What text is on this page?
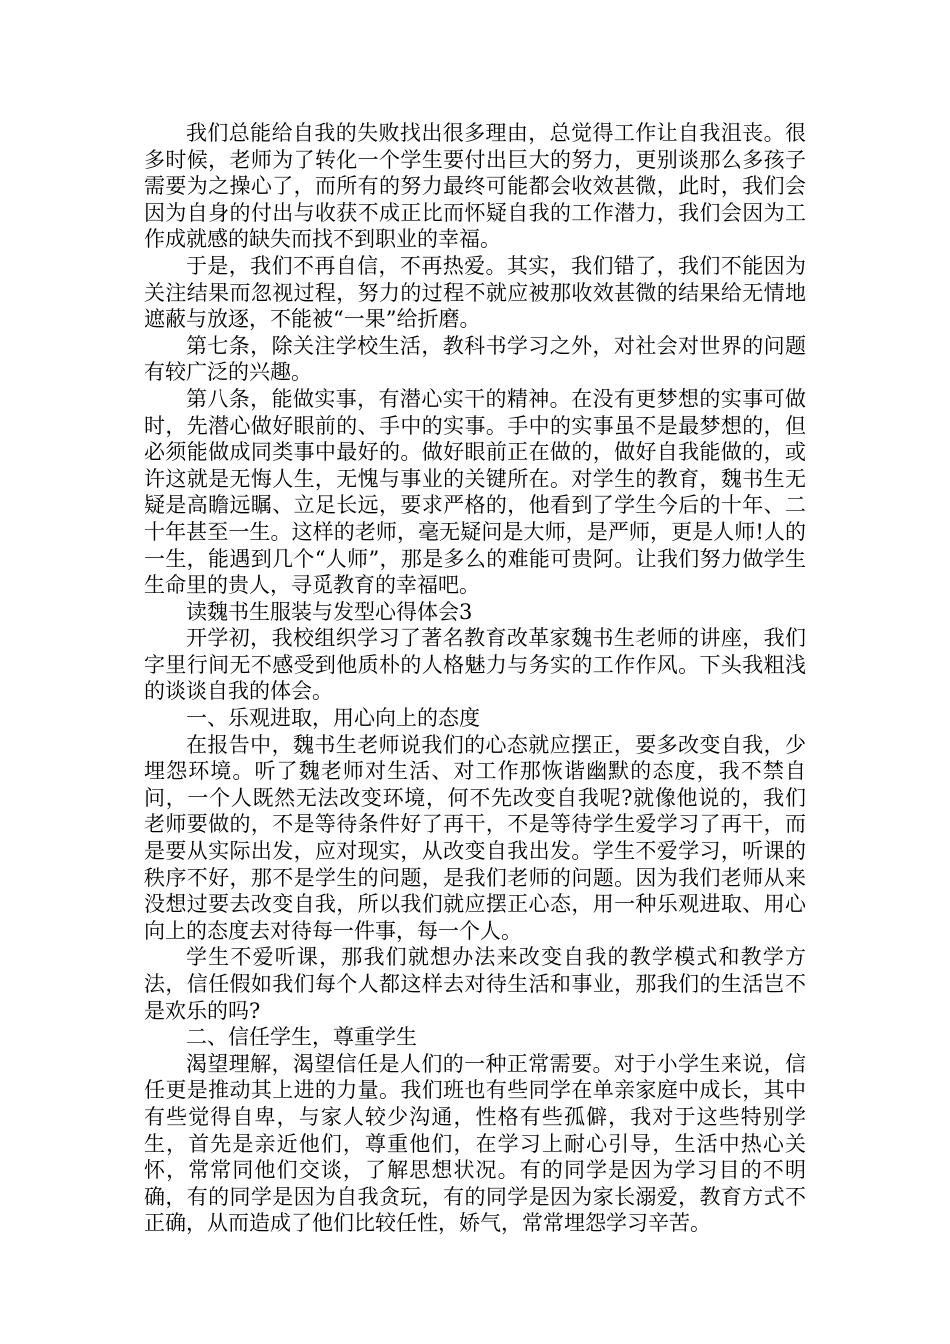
我们总能给自我的失败找出很多理由，总觉得工作让自我沮丧。很多时候，老师为了转化一个学生要付出巨大的努力，更别谈那么多孩子需要为之操心了，而所有的努力最终可能都会收效甚微，此时，我们会因为自身的付出与收获不成正比而怀疑自我的工作潜力，我们会因为工作成就感的缺失而找不到职业的幸福。

于是，我们不再自信，不再热爱。其实，我们错了，我们不能因为关注结果而忽视过程，努力的过程不就应被那收效甚微的结果给无情地遮蔽与放逐，不能被“一果”给折磨。

第七条，除关注学校生活，教科书学习之外，对社会对世界的问题有较广泛的兴趣。

第八条，能做实事，有潜心实干的精神。在没有更梦想的实事可做时，先潜心做好眼前的、手中的实事。手中的实事虽不是最梦想的，但必须能做成同类事中最好的。做好眼前正在做的，做好自我能做的，或许这就是无悔人生，无愧与事业的关键所在。对学生的教育，魏书生无疑是高瞻远瞩、立足长远，要求严格的，他看到了学生今后的十年、二十年甚至一生。这样的老师，毫无疑问是大师，是严师，更是人师!人的一生，能遇到几个“人师”，那是多么的难能可贵阿。让我们努力做学生生命里的贵人，寻觅教育的幸福吧。

读魏书生服装与发型心得体会3

开学初，我校组织学习了著名教育改革家魏书生老师的讲座，我们字里行间无不感受到他质朴的人格魅力与务实的工作作风。下头我粗浅的谈谈自我的体会。

一、乐观进取，用心向上的态度

在报告中，魏书生老师说我们的心态就应摆正，要多改变自我，少埋怨环境。听了魏老师对生活、对工作那恢谐幽默的态度，我不禁自问，一个人既然无法改变环境，何不先改变自我呢?就像他说的，我们老师要做的，不是等待条件好了再干，不是等待学生爱学习了再干，而是要从实际出发，应对现实，从改变自我出发。学生不爱学习，听课的秩序不好，那不是学生的问题，是我们老师的问题。因为我们老师从来没想过要去改变自我，所以我们就应摆正心态，用一种乐观进取、用心向上的态度去对待每一件事，每一个人。

学生不爱听课，那我们就想办法来改变自我的教学模式和教学方法，信任假如我们每个人都这样去对待生活和事业，那我们的生活岂不是欢乐的吗?

二、信任学生，尊重学生

渴望理解，渴望信任是人们的一种正常需要。对于小学生来说，信任更是推动其上进的力量。我们班也有些同学在单亲家庭中成长，其中有些觉得自卑，与家人较少沟通，性格有些孤僻，我对于这些特别学生，首先是亲近他们，尊重他们，在学习上耐心引导，生活中热心关怀，常常同他们交谈，了解思想状况。有的同学是因为学习目的不明确，有的同学是因为自我贪玩，有的同学是因为家长溺爱，教育方式不正确，从而造成了他们比较任性，娇气，常常埋怨学习辛苦。
